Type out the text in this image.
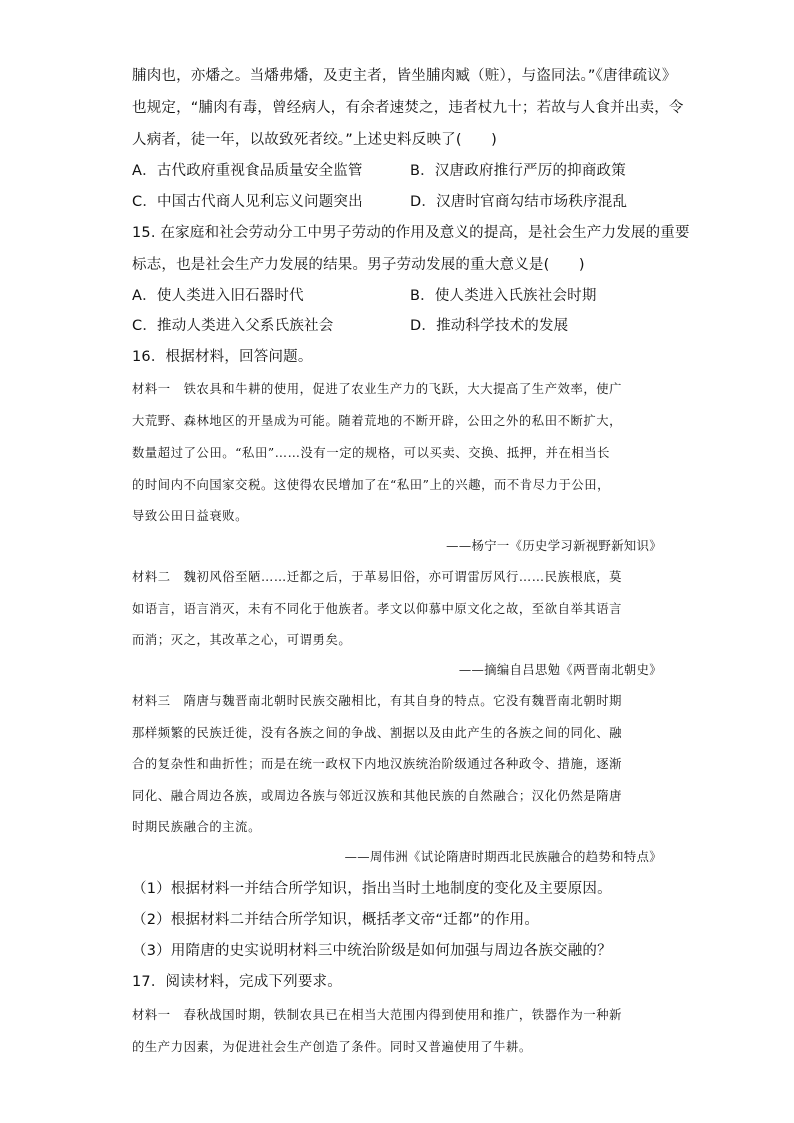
脯肉也，亦燔之。当燔弗燔，及吏主者，皆坐脯肉臧（赃），与盗同法。”《唐律疏议》
也规定，“脯肉有毒，曾经病人，有余者速焚之，违者杖九十；若故与人食并出卖，令
人病者，徒一年，以故致死者绞。”上述史料反映了(　　)
A．古代政府重视食品质量安全监管	B．汉唐政府推行严厉的抑商政策
C．中国古代商人见利忘义问题突出	D．汉唐时官商勾结市场秩序混乱
15. 在家庭和社会劳动分工中男子劳动的作用及意义的提高，是社会生产力发展的重要
标志，也是社会生产力发展的结果。男子劳动发展的重大意义是(　　)
A．使人类进入旧石器时代	B．使人类进入氏族社会时期
C．推动人类进入父系氏族社会	D．推动科学技术的发展
16．根据材料，回答问题。
材料一　铁农具和牛耕的使用，促进了农业生产力的飞跃，大大提高了生产效率，使广
大荒野、森林地区的开垦成为可能。随着荒地的不断开辟，公田之外的私田不断扩大，
数量超过了公田。“私田”……没有一定的规格，可以买卖、交换、抵押，并在相当长
的时间内不向国家交税。这使得农民增加了在“私田”上的兴趣，而不肯尽力于公田，
导致公田日益衰败。
——杨宁一《历史学习新视野新知识》
材料二　魏初风俗至陋……迁都之后，于革易旧俗，亦可谓雷厉风行……民族根底，莫
如语言，语言消灭，未有不同化于他族者。孝文以仰慕中原文化之故，至欲自举其语言
而消；灭之，其改革之心，可谓勇矣。
——摘编自吕思勉《两晋南北朝史》
材料三　隋唐与魏晋南北朝时民族交融相比，有其自身的特点。它没有魏晋南北朝时期
那样频繁的民族迁徙，没有各族之间的争战、割据以及由此产生的各族之间的同化、融
合的复杂性和曲折性；而是在统一政权下内地汉族统治阶级通过各种政令、措施，逐渐
同化、融合周边各族，或周边各族与邻近汉族和其他民族的自然融合；汉化仍然是隋唐
时期民族融合的主流。
——周伟洲《试论隋唐时期西北民族融合的趋势和特点》
（1）根据材料一并结合所学知识，指出当时土地制度的变化及主要原因。
（2）根据材料二并结合所学知识，概括孝文帝“迁都”的作用。
（3）用隋唐的史实说明材料三中统治阶级是如何加强与周边各族交融的？
17．阅读材料，完成下列要求。
材料一　春秋战国时期，铁制农具已在相当大范围内得到使用和推广，铁器作为一种新
的生产力因素，为促进社会生产创造了条件。同时又普遍使用了牛耕。
